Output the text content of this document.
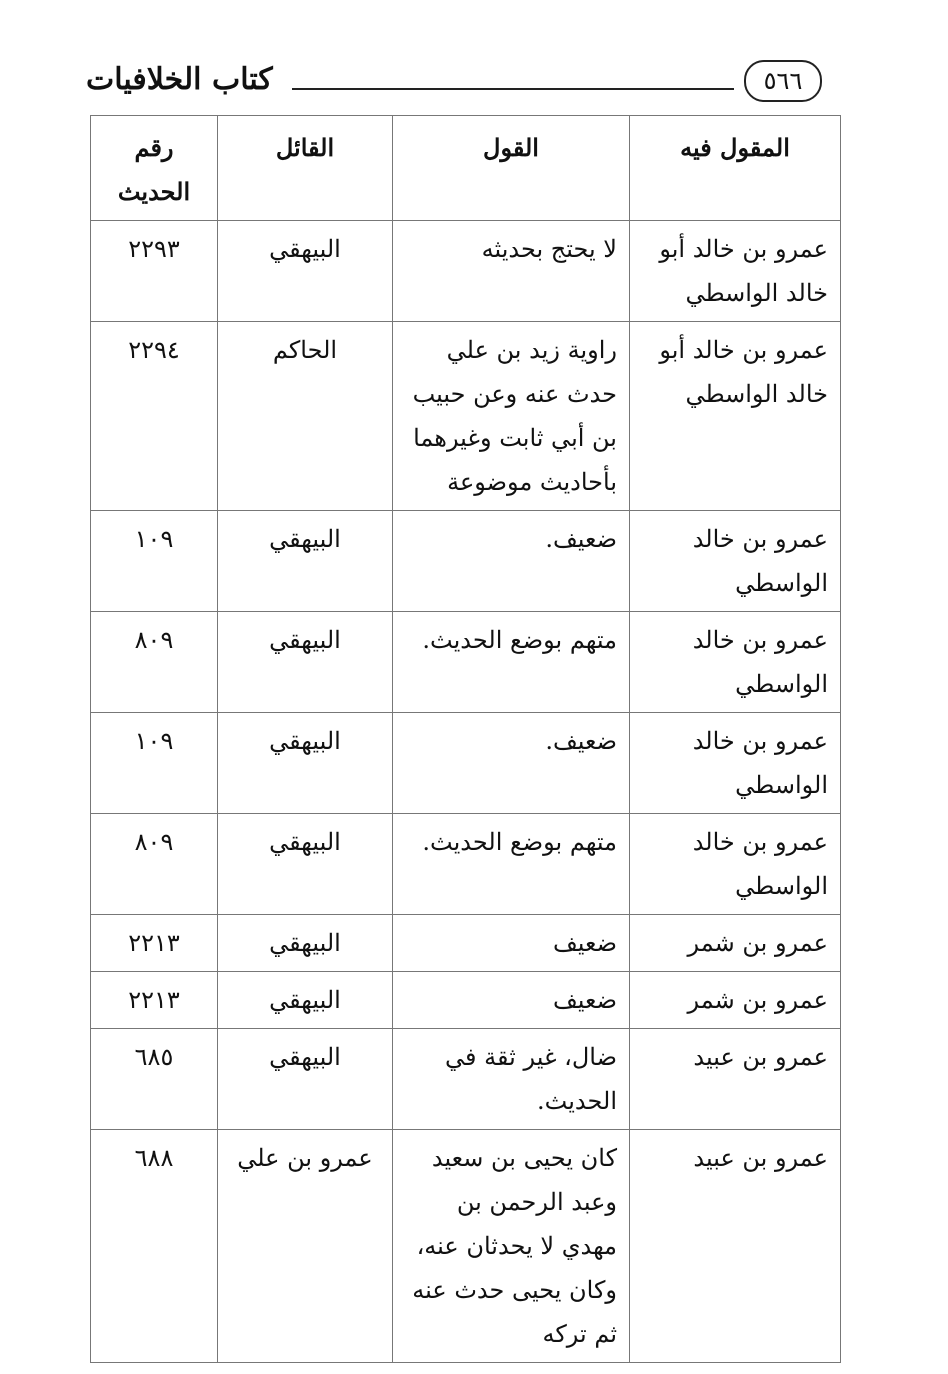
كتاب الخلافيات	٥٦٦
المقول فيه	القول	القائل	رقم الحديث
عمرو بن خالد أبو خالد الواسطي	لا يحتج بحديثه	البيهقي	٢٢٩٣
عمرو بن خالد أبو خالد الواسطي	راوية زيد بن علي حدث عنه وعن حبيب بن أبي ثابت وغيرهما بأحاديث موضوعة	الحاكم	٢٢٩٤
عمرو بن خالد الواسطي	ضعيف.	البيهقي	١٠٩
عمرو بن خالد الواسطي	متهم بوضع الحديث.	البيهقي	٨٠٩
عمرو بن خالد الواسطي	ضعيف.	البيهقي	١٠٩
عمرو بن خالد الواسطي	متهم بوضع الحديث.	البيهقي	٨٠٩
عمرو بن شمر	ضعيف	البيهقي	٢٢١٣
عمرو بن شمر	ضعيف	البيهقي	٢٢١٣
عمرو بن عبيد	ضال، غير ثقة في الحديث.	البيهقي	٦٨٥
عمرو بن عبيد	كان يحيى بن سعيد وعبد الرحمن بن مهدي لا يحدثان عنه، وكان يحيى حدث عنه ثم تركه	عمرو بن علي	٦٨٨
